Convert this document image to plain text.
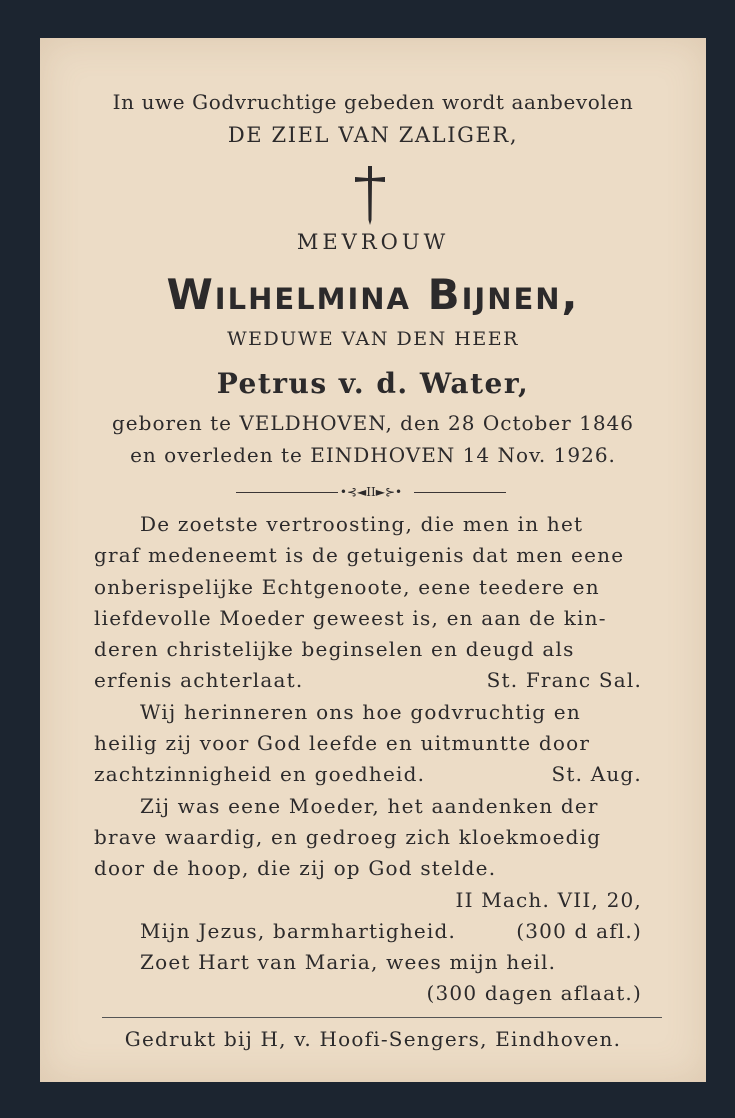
In uwe Godvruchtige gebeden wordt aanbevolen
DE ZIEL VAN ZALIGER,
MEVROUW
Wilhelmina Bijnen,
WEDUWE VAN DEN HEER
Petrus v. d. Water,
geboren te VELDHOVEN, den 28 October 1846
en overleden te EINDHOVEN 14 Nov. 1926.
•⊰◄II►⊱•
De zoetste vertroosting, die men in het
graf medeneemt is de getuigenis dat men eene
onberispelijke Echtgenoote, eene teedere en
liefdevolle Moeder geweest is, en aan de kin-
deren christelijke beginselen en deugd als
erfenis achterlaat.	St. Franc Sal.
Wij herinneren ons hoe godvruchtig en
heilig zij voor God leefde en uitmuntte door
zachtzinnigheid en goedheid.	St. Aug.
Zij was eene Moeder, het aandenken der
brave waardig, en gedroeg zich kloekmoedig
door de hoop, die zij op God stelde.
II Mach. VII, 20,
Mijn Jezus, barmhartigheid.	(300 d afl.)
Zoet Hart van Maria, wees mijn heil.
(300 dagen aflaat.)
Gedrukt bij H, v. Hoofi-Sengers, Eindhoven.
